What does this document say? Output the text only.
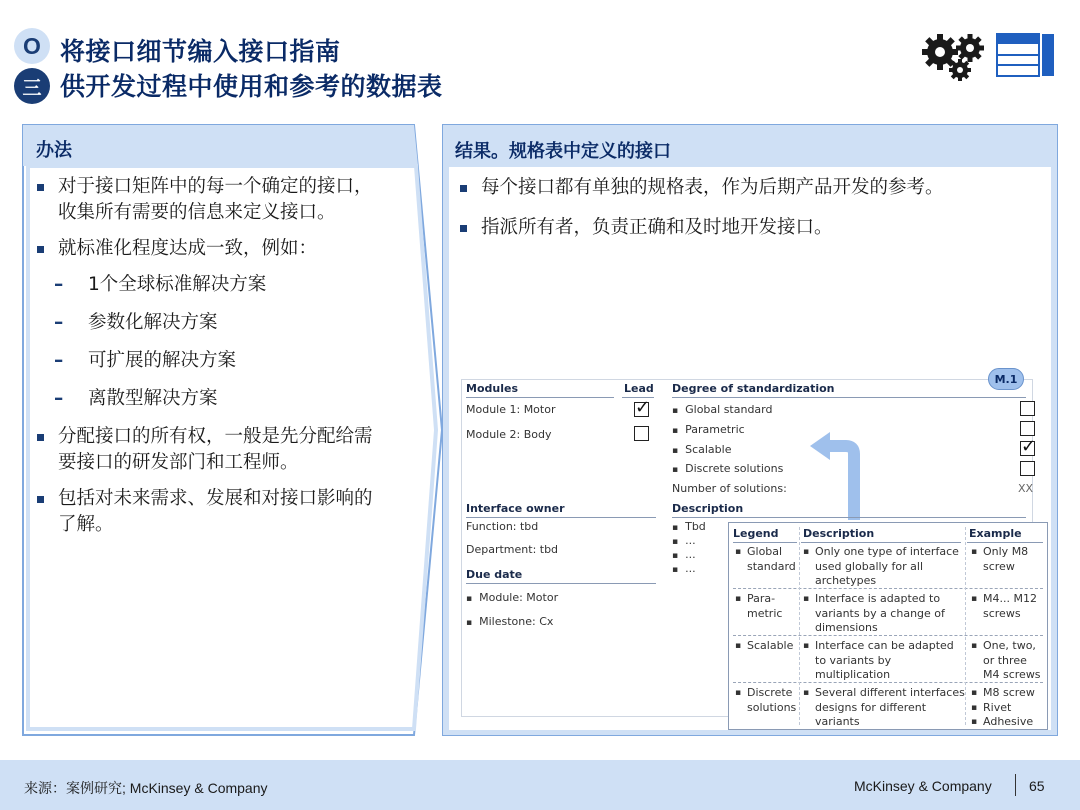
O
三
将接口细节编入接口指南
供开发过程中使用和参考的数据表
办法
对于接口矩阵中的每一个确定的接口，收集所有需要的信息来定义接口。
就标准化程度达成一致，例如：
– 1个全球标准解决方案
– 参数化解决方案
– 可扩展的解决方案
– 离散型解决方案
分配接口的所有权，一般是先分配给需要接口的研发部门和工程师。
包括对未来需求、发展和对接口影响的了解。
结果。规格表中定义的接口
每个接口都有单独的规格表，作为后期产品开发的参考。
指派所有者，负责正确和及时地开发接口。
M.1
Modules	Lead
Module 1: Motor
Module 2: Body
✓
Degree of standardization
▪ Global standard
▪ Parametric
▪ Scalable
▪ Discrete solutions
Number of solutions:
✓	XX
Interface owner
Function: tbd
Department: tbd
Due date
▪ Module: Motor
▪ Milestone: Cx
Description
▪ Tbd
▪ ...
▪ ...
▪ ...
Legend Description	Example
▪ Global standard
▪ Only one type of interface used globally for all archetypes
▪ Only M8 screw
▪ Para-metric
▪ Interface is adapted to variants by a change of dimensions
▪ M4... M12 screws
▪ Scalable
▪	Interface can be adapted to variants by multiplication
▪ One, two, or three M4 screws
▪ Discrete solutions
▪ Several different interfaces designs for different variants
▪ M8 screw
▪ Rivet
▪ Adhesive
来源：案例研究; McKinsey & Company	McKinsey & Company	65
